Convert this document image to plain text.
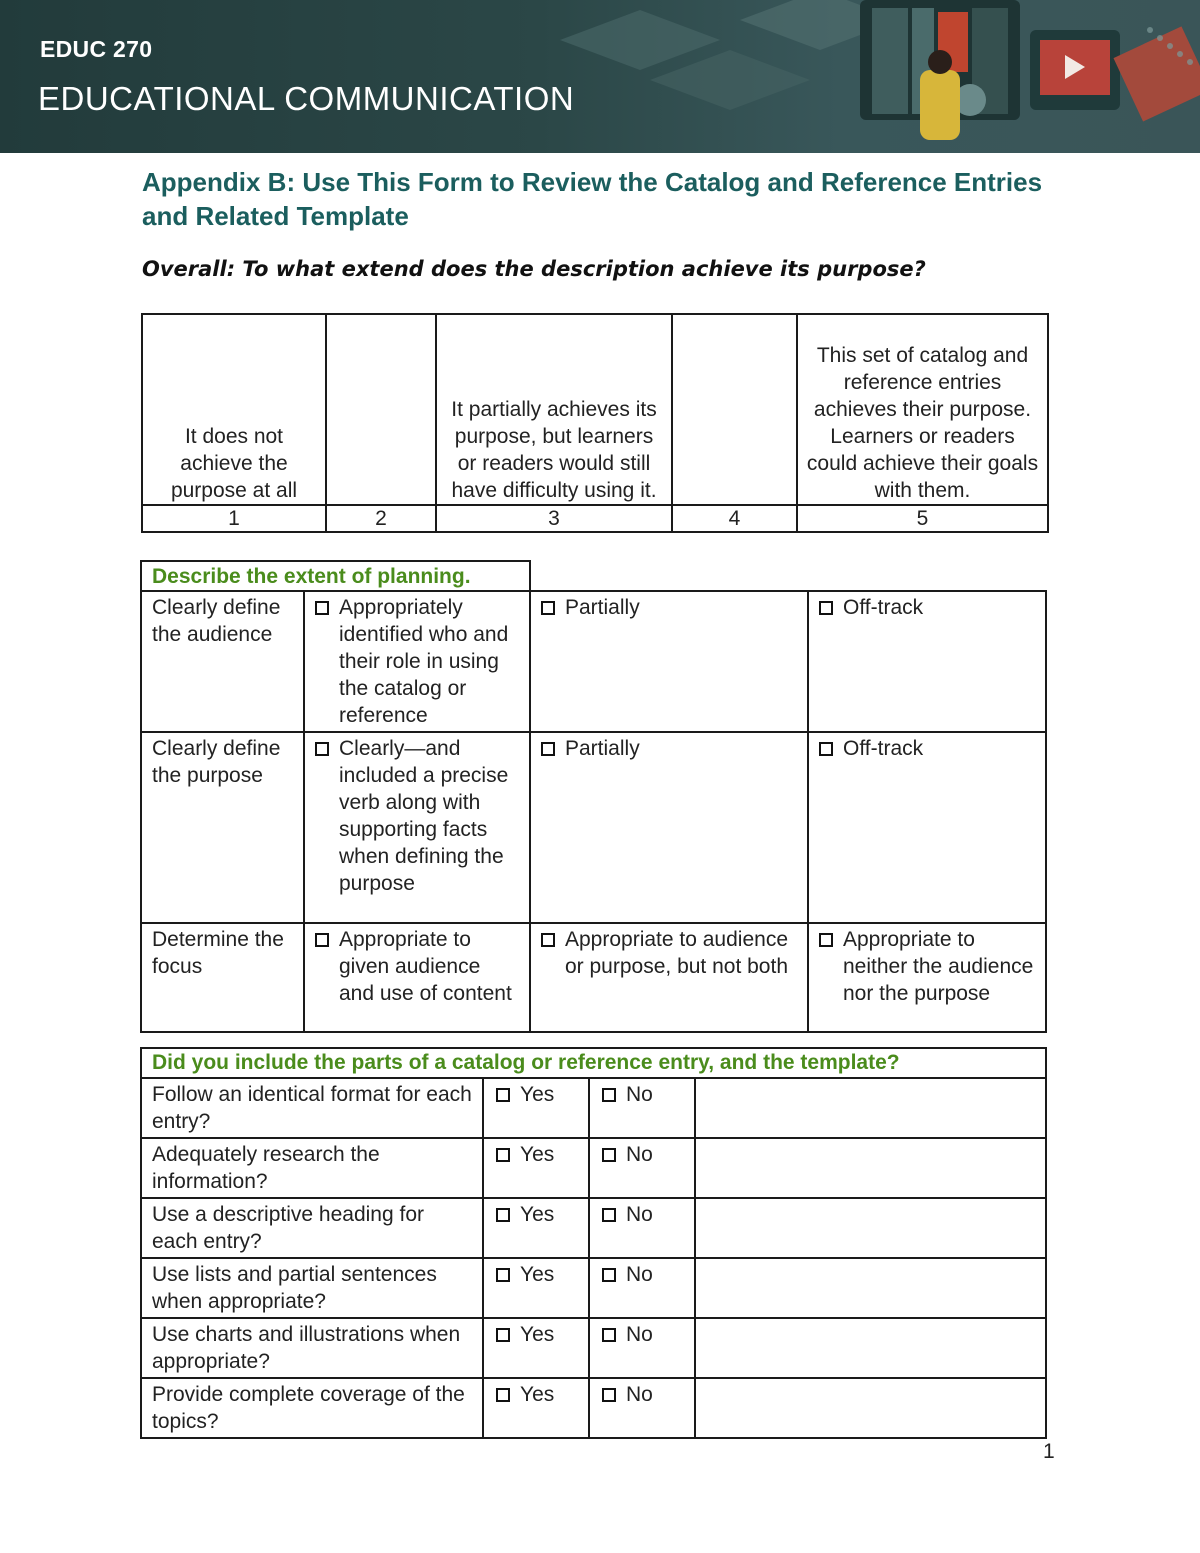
EDUC 270
EDUCATIONAL COMMUNICATION
Appendix B: Use This Form to Review the Catalog and Reference Entries and Related Template
Overall: To what extend does the description achieve its purpose?
It does not achieve the purpose at all		It partially achieves its purpose, but learners or readers would still have difficulty using it.		This set of catalog and reference entries achieves their purpose. Learners or readers could achieve their goals with them.
1	2	3	4	5
Describe the extent of planning.			
Clearly define the audience	Appropriately identified who and their role in using the catalog or reference	Partially	Off-track

Clearly define the purpose	Clearly—and included a precise verb along with supporting facts when defining the purpose	Partially	Off-track

Determine the focus	Appropriate to given audience and use of content	Appropriate to audience or purpose, but not both	Appropriate to neither the audience nor the purpose
Did you include the parts of a catalog or reference entry, and the template?			
Follow an identical format for each entry?	Yes	No	
Adequately research the information?	Yes	No	
Use a descriptive heading for each entry?	Yes	No	
Use lists and partial sentences when appropriate?	Yes	No	
Use charts and illustrations when appropriate?	Yes	No	
Provide complete coverage of the topics?	Yes	No	
1
